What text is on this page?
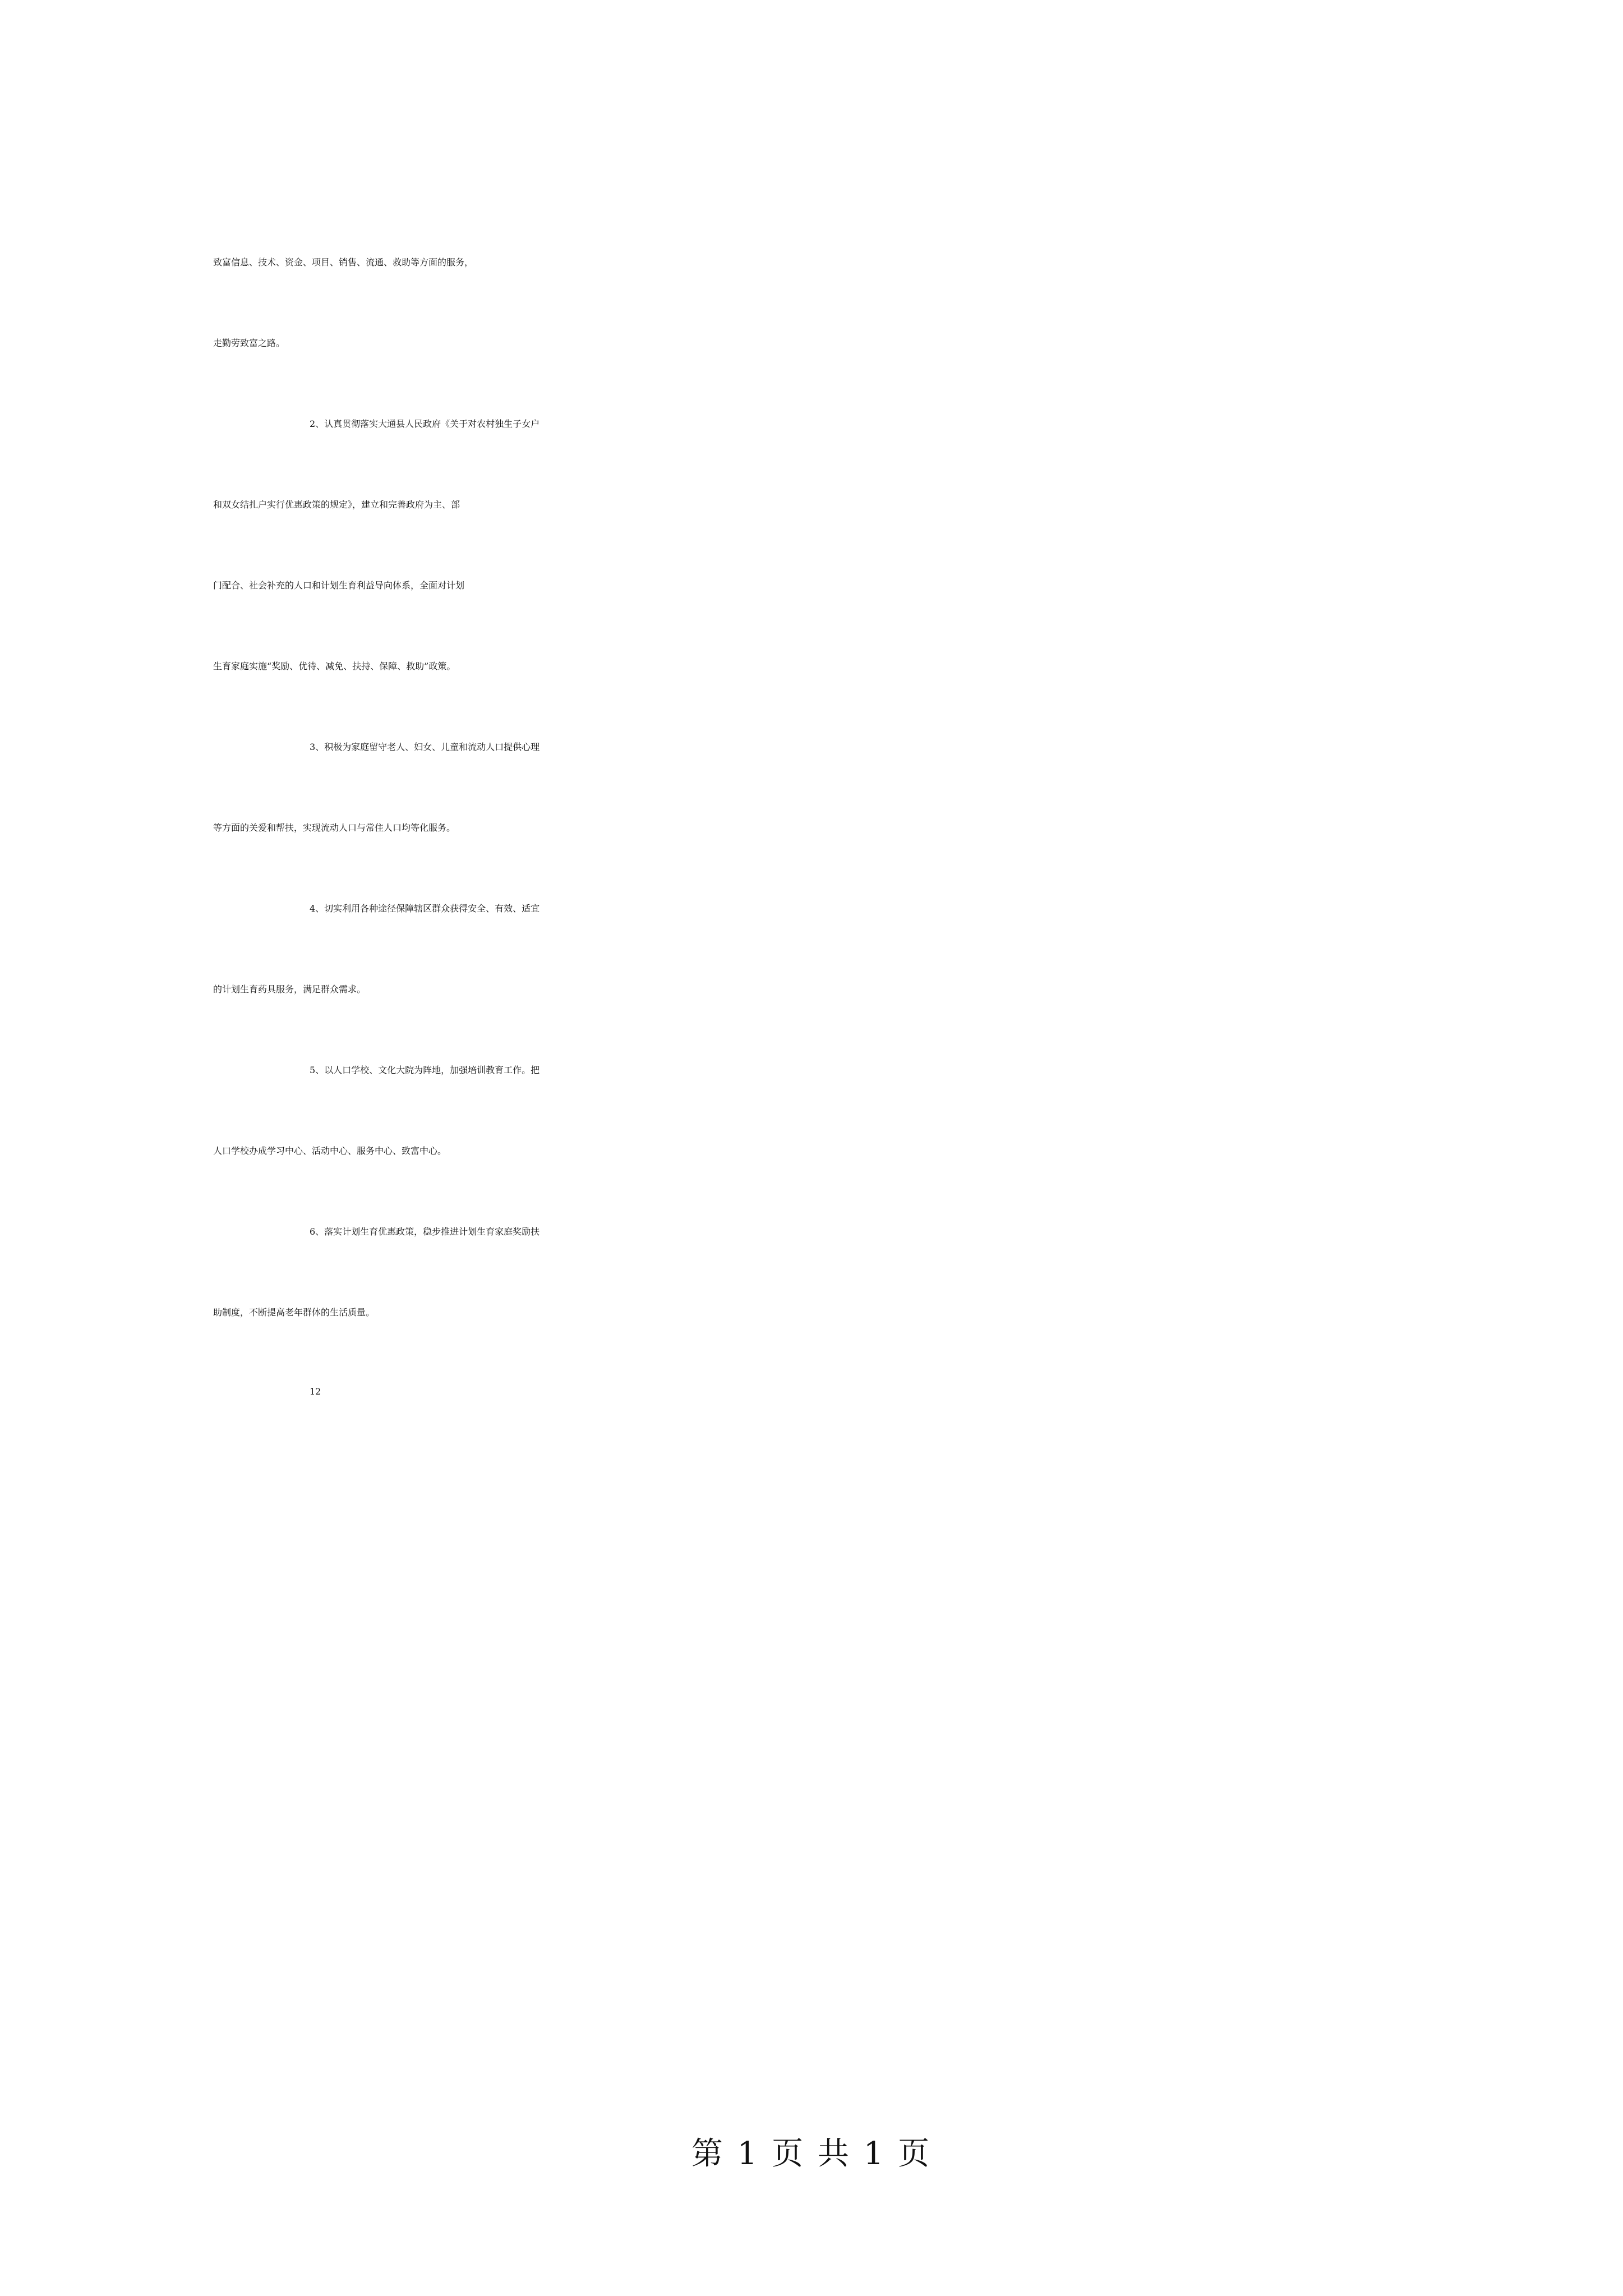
致富信息、技术、资金、项目、销售、流通、救助等方面的服务，
走勤劳致富之路。
2、认真贯彻落实大通县人民政府《关于对农村独生子女户
和双女结扎户实行优惠政策的规定》，建立和完善政府为主、部
门配合、社会补充的人口和计划生育利益导向体系，全面对计划
生育家庭实施“奖励、优待、减免、扶持、保障、救助”政策。
3、积极为家庭留守老人、妇女、儿童和流动人口提供心理
等方面的关爱和帮扶，实现流动人口与常住人口均等化服务。
4、切实利用各种途径保障辖区群众获得安全、有效、适宜
的计划生育药具服务，满足群众需求。
5、以人口学校、文化大院为阵地，加强培训教育工作。把
人口学校办成学习中心、活动中心、服务中心、致富中心。
6、落实计划生育优惠政策，稳步推进计划生育家庭奖励扶
助制度，不断提高老年群体的生活质量。
12
第 1 页 共 1 页
